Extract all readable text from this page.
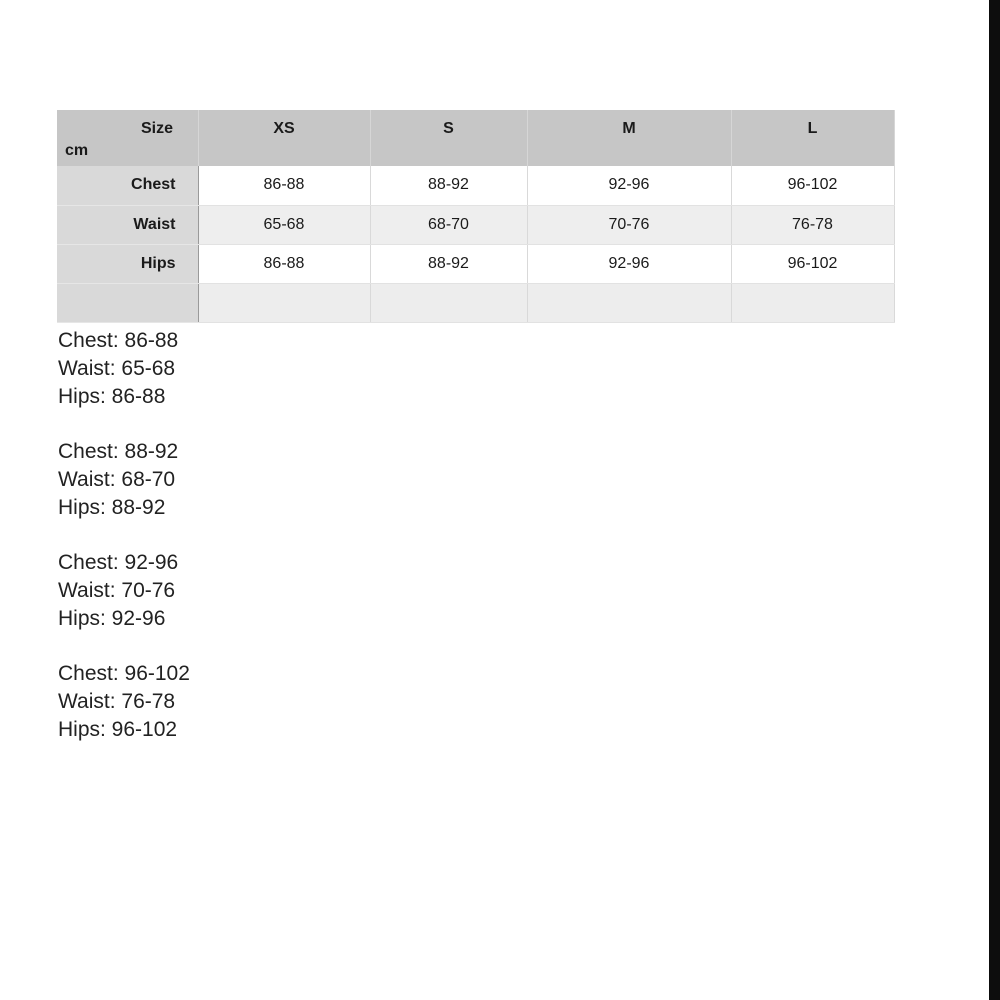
Size
cm	XS	S	M	L
Chest	86-88	88-92	92-96	96-102
Waist	65-68	68-70	70-76	76-78
Hips	86-88	88-92	92-96	96-102

Chest: 86-88
Waist: 65-68
Hips: 86-88
Chest: 88-92
Waist: 68-70
Hips: 88-92
Chest: 92-96
Waist: 70-76
Hips: 92-96
Chest: 96-102
Waist: 76-78
Hips: 96-102
